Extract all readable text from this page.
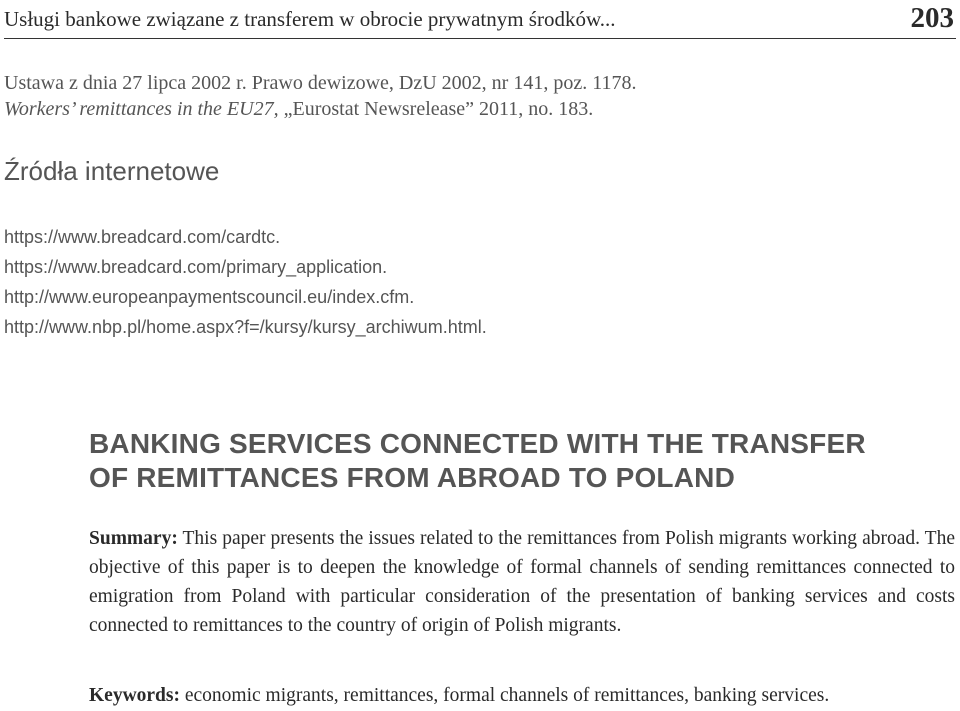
Usługi bankowe związane z transferem w obrocie prywatnym środków...	203
Ustawa z dnia 27 lipca 2002 r. Prawo dewizowe, DzU 2002, nr 141, poz. 1178.
Workers’ remittances in the EU27, „Eurostat Newsrelease” 2011, no. 183.
Źródła internetowe
https://www.breadcard.com/cardtc.
https://www.breadcard.com/primary_application.
http://www.europeanpaymentscouncil.eu/index.cfm.
http://www.nbp.pl/home.aspx?f=/kursy/kursy_archiwum.html.
BANKING SERVICES CONNECTED WITH THE TRANSFER
OF REMITTANCES FROM ABROAD TO POLAND
Summary: This paper presents the issues related to the remittances from Polish migrants working abroad. The objective of this paper is to deepen the knowledge of formal channels of sending remittances connected to emigration from Poland with particular consideration of the presentation of banking services and costs connected to remittances to the country of origin of Polish migrants.
Keywords: economic migrants, remittances, formal channels of remittances, banking services.
